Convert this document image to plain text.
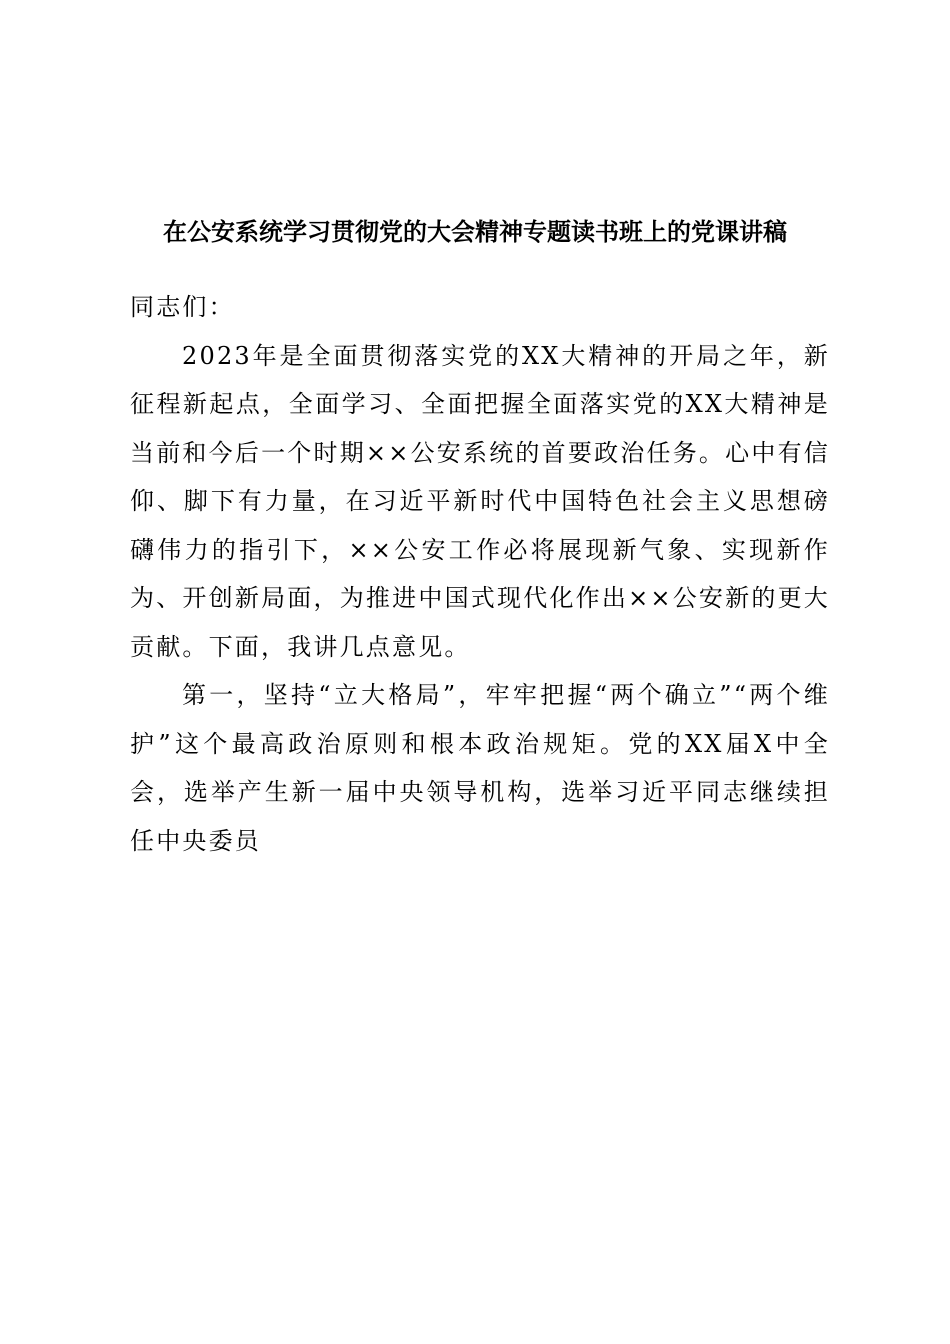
在公安系统学习贯彻党的大会精神专题读书班上的党课讲稿

同志们：

2023年是全面贯彻落实党的XX大精神的开局之年，新征程新起点，全面学习、全面把握全面落实党的XX大精神是当前和今后一个时期××公安系统的首要政治任务。心中有信仰、脚下有力量，在习近平新时代中国特色社会主义思想磅礴伟力的指引下，××公安工作必将展现新气象、实现新作为、开创新局面，为推进中国式现代化作出××公安新的更大贡献。下面，我讲几点意见。

第一，坚持“立大格局”，牢牢把握“两个确立”“两个维护”这个最高政治原则和根本政治规矩。党的XX届X中全会，选举产生新一届中央领导机构，选举习近平同志继续担任中央委员
